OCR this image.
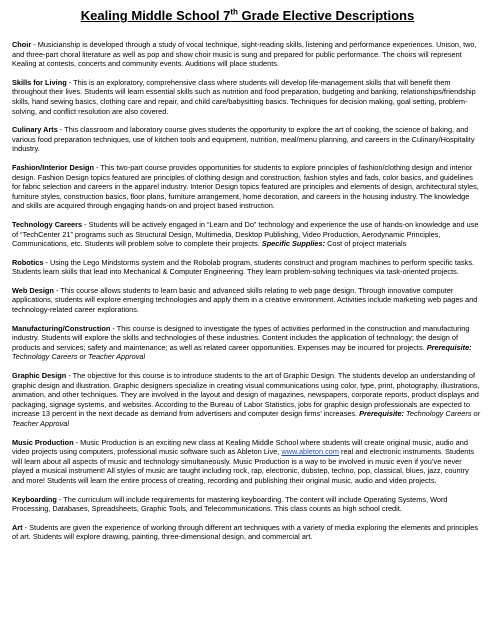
Kealing Middle School 7th Grade Elective Descriptions

Choir - Musicianship is developed through a study of vocal technique, sight-reading skills, listening and performance experiences. Unison, two, and three-part choral literature as well as pop and show choir music is sung and prepared for public performance. The choirs will represent Kealing at contests, concerts and community events. Auditions will place students.

Skills for Living - This is an exploratory, comprehensive class where students will develop life-management skills that will benefit them throughout their lives. Students will learn essential skills such as nutrition and food preparation, budgeting and banking, relationships/friendship skills, hand sewing basics, clothing care and repair, and child care/babysitting basics. Techniques for decision making, goal setting, problem-solving, and conflict resolution are also covered.

Culinary Arts - This classroom and laboratory course gives students the opportunity to explore the art of cooking, the science of baking, and various food preparation techniques, use of kitchen tools and equipment, nutrition, meal/menu planning, and careers in the Culinary/Hospitality Industry.

Fashion/Interior Design - This two-part course provides opportunities for students to explore principles of fashion/clothing design and interior design. Fashion Design topics featured are principles of clothing design and construction, fashion styles and fads, color basics, and guidelines for fabric selection and careers in the apparel industry. Interior Design topics featured are principles and elements of design, architectural styles, furniture styles, construction basics, floor plans, furniture arrangement, home decoration, and careers in the housing industry. The knowledge and skills are acquired through engaging hands-on and project based instruction.

Technology Careers - Students will be actively engaged in “Learn and Do” technology and experience the use of hands-on knowledge and use of “TechCenter 21” programs such as Structural Design, Multimedia, Desktop Publishing, Video Production, Aerodynamic Principles, Communications, etc. Students will problem solve to complete their projects. Specific Supplies: Cost of project materials

Robotics - Using the Lego Mindstorms system and the Robolab program, students construct and program machines to perform specific tasks. Students learn skills that lead into Mechanical & Computer Engineering. They learn problem-solving techniques via task-oriented projects.

Web Design - This course allows students to learn basic and advanced skills relating to web page design. Through innovative computer applications, students will explore emerging technologies and apply them in a creative environment. Activities include marketing web pages and technology-related career explorations.

Manufacturing/Construction - This course is designed to investigate the types of activities performed in the construction and manufacturing industry. Students will explore the skills and technologies of these industries. Content includes the application of technology; the design of products and services; safety and maintenance; as well as related career opportunities. Expenses may be incurred for projects. Prerequisite: Technology Careers or Teacher Approval

Graphic Design - The objective for this course is to introduce students to the art of Graphic Design. The students develop an understanding of graphic design and illustration. Graphic designers specialize in creating visual communications using color, type, print, photography, illustrations, animation, and other techniques. They are involved in the layout and design of magazines, newspapers, corporate reports, product displays and packaging, signage systems, and websites. According to the Bureau of Labor Statistics, jobs for graphic design professionals are expected to increase 13 percent in the next decade as demand from advertisers and computer design firms’ increases. Prerequisite: Technology Careers or Teacher Approval

Music Production - Music Production is an exciting new class at Kealing Middle School where students will create original music, audio and video projects using computers, professional music software such as Ableton Live, www.ableton.com real and electronic instruments. Students will learn about all aspects of music and technology simultaneously. Music Production is a way to be involved in music even if you’ve never played a musical instrument! All styles of music are taught including rock, rap, electronic, dubstep, techno, pop, classical, blues, jazz, country and more! Students will learn the entire process of creating, recording and publishing their original music, audio and video projects.

Keyboarding - The curriculum will include requirements for mastering keyboarding. The content will include Operating Systems, Word Processing, Databases, Spreadsheets, Graphic Tools, and Telecommunications. This class counts as high school credit.

Art - Students are given the experience of working through different art techniques with a variety of media exploring the elements and principles of art. Students will explore drawing, painting, three-dimensional design, and commercial art.
